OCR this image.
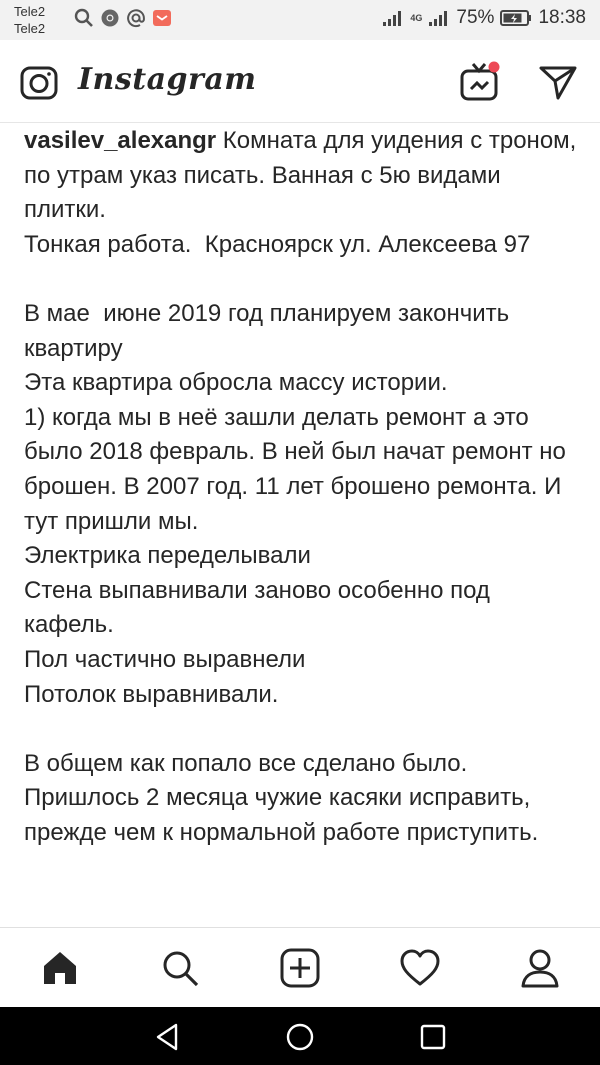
Tele2
Tele2
4G 75% 18:38
Instagram
vasilev_alexangr Комната для уидения с троном, по утрам указ писать. Ванная с 5ю видами плитки.
Тонкая работа.  Красноярск ул. Алексеева 97

В мае  июне 2019 год планируем закончить квартиру
Эта квартира обросла массу истории.
1) когда мы в неё зашли делать ремонт а это было 2018 февраль. В ней был начат ремонт но брошен. В 2007 год. 11 лет брошено ремонта. И тут пришли мы.
Электрика переделывали
Стена выпавнивали заново особенно под кафель.
Пол частично выравнели
Потолок выравнивали.

В общем как попало все сделано было. Пришлось 2 месяца чужие касяки исправить, прежде чем к нормальной работе приступить.
